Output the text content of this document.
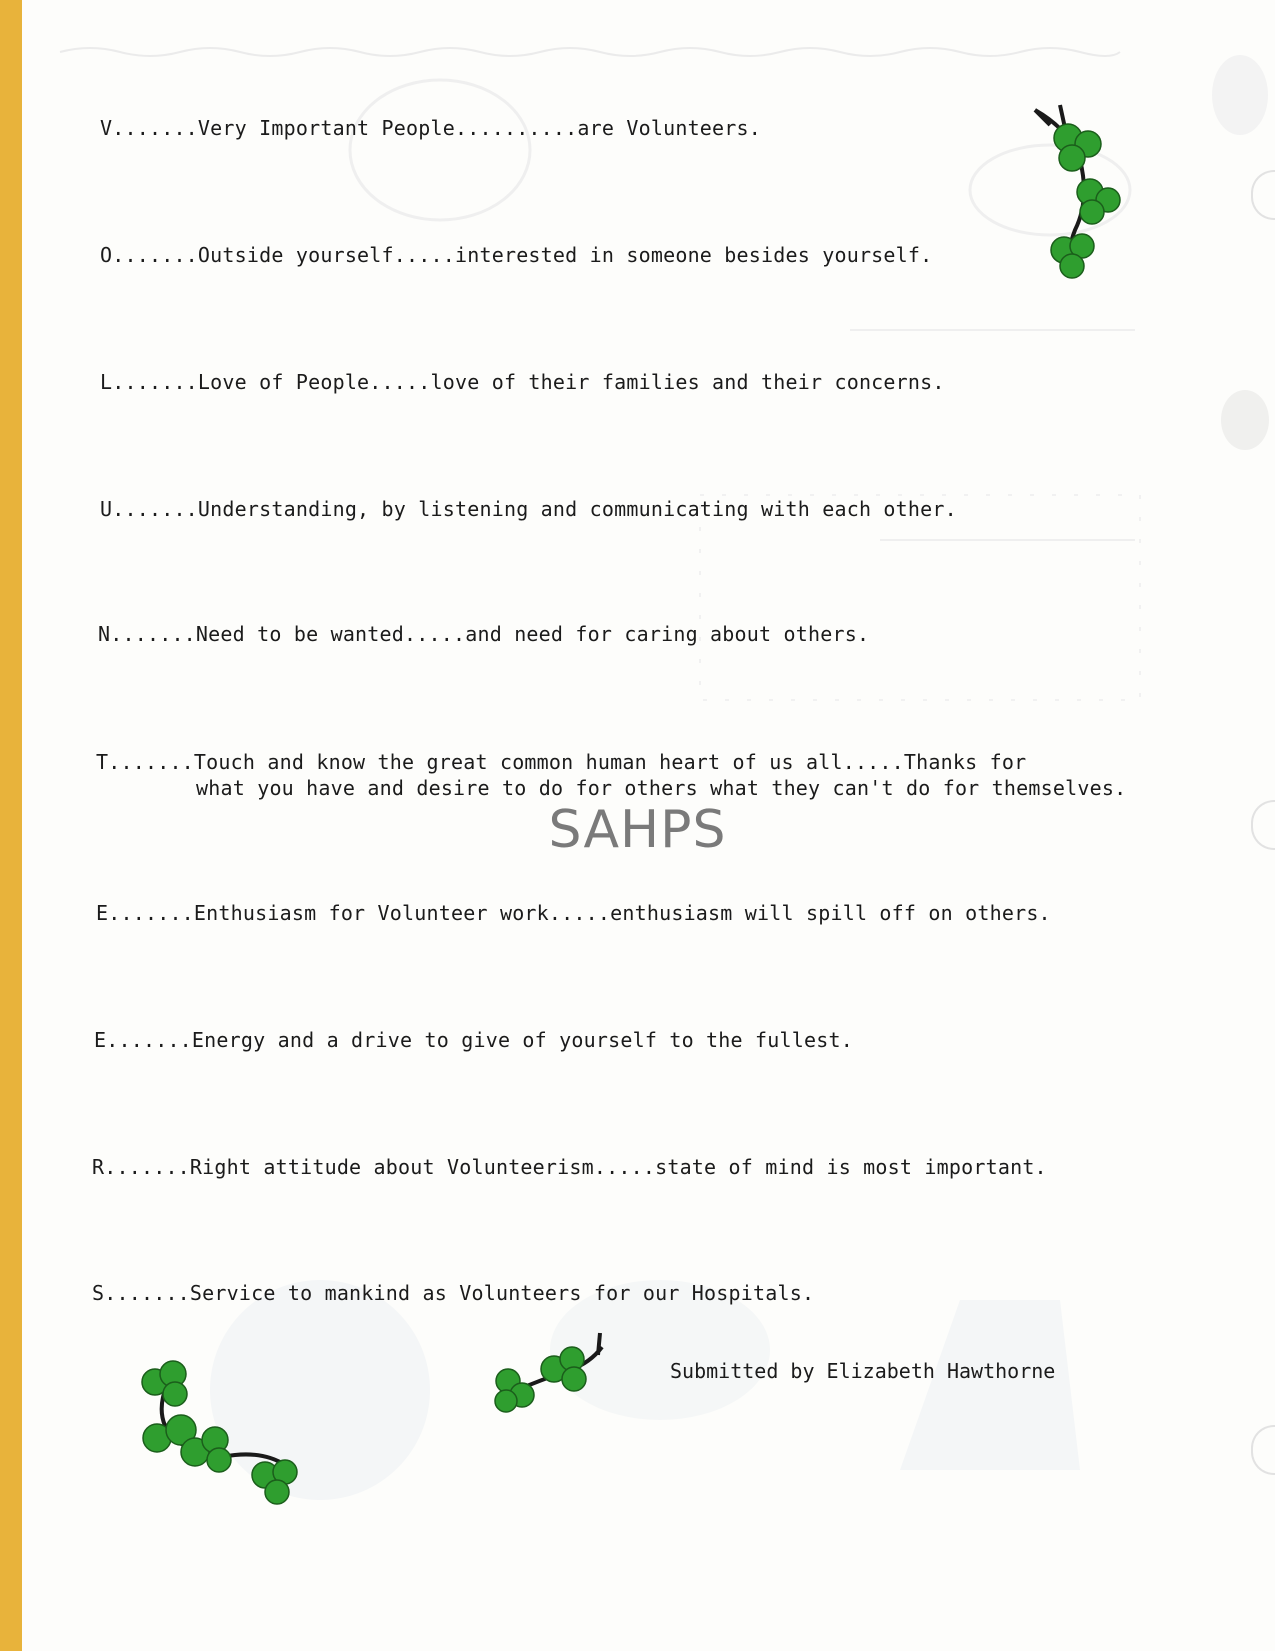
V.......Very Important People..........are Volunteers.
O.......Outside yourself.....interested in someone besides yourself.
L.......Love of People.....love of their families and their concerns.
U.......Understanding, by listening and communicating with each other.
N.......Need to be wanted.....and need for caring about others.
T.......Touch and know the great common human heart of us all.....Thanks for
what you have and desire to do for others what they can't do for themselves.
E.......Enthusiasm for Volunteer work.....enthusiasm will spill off on others.
E.......Energy and a drive to give of yourself to the fullest.
R.......Right attitude about Volunteerism.....state of mind is most important.
S.......Service to mankind as Volunteers for our Hospitals.
SAHPS
Submitted by Elizabeth Hawthorne
